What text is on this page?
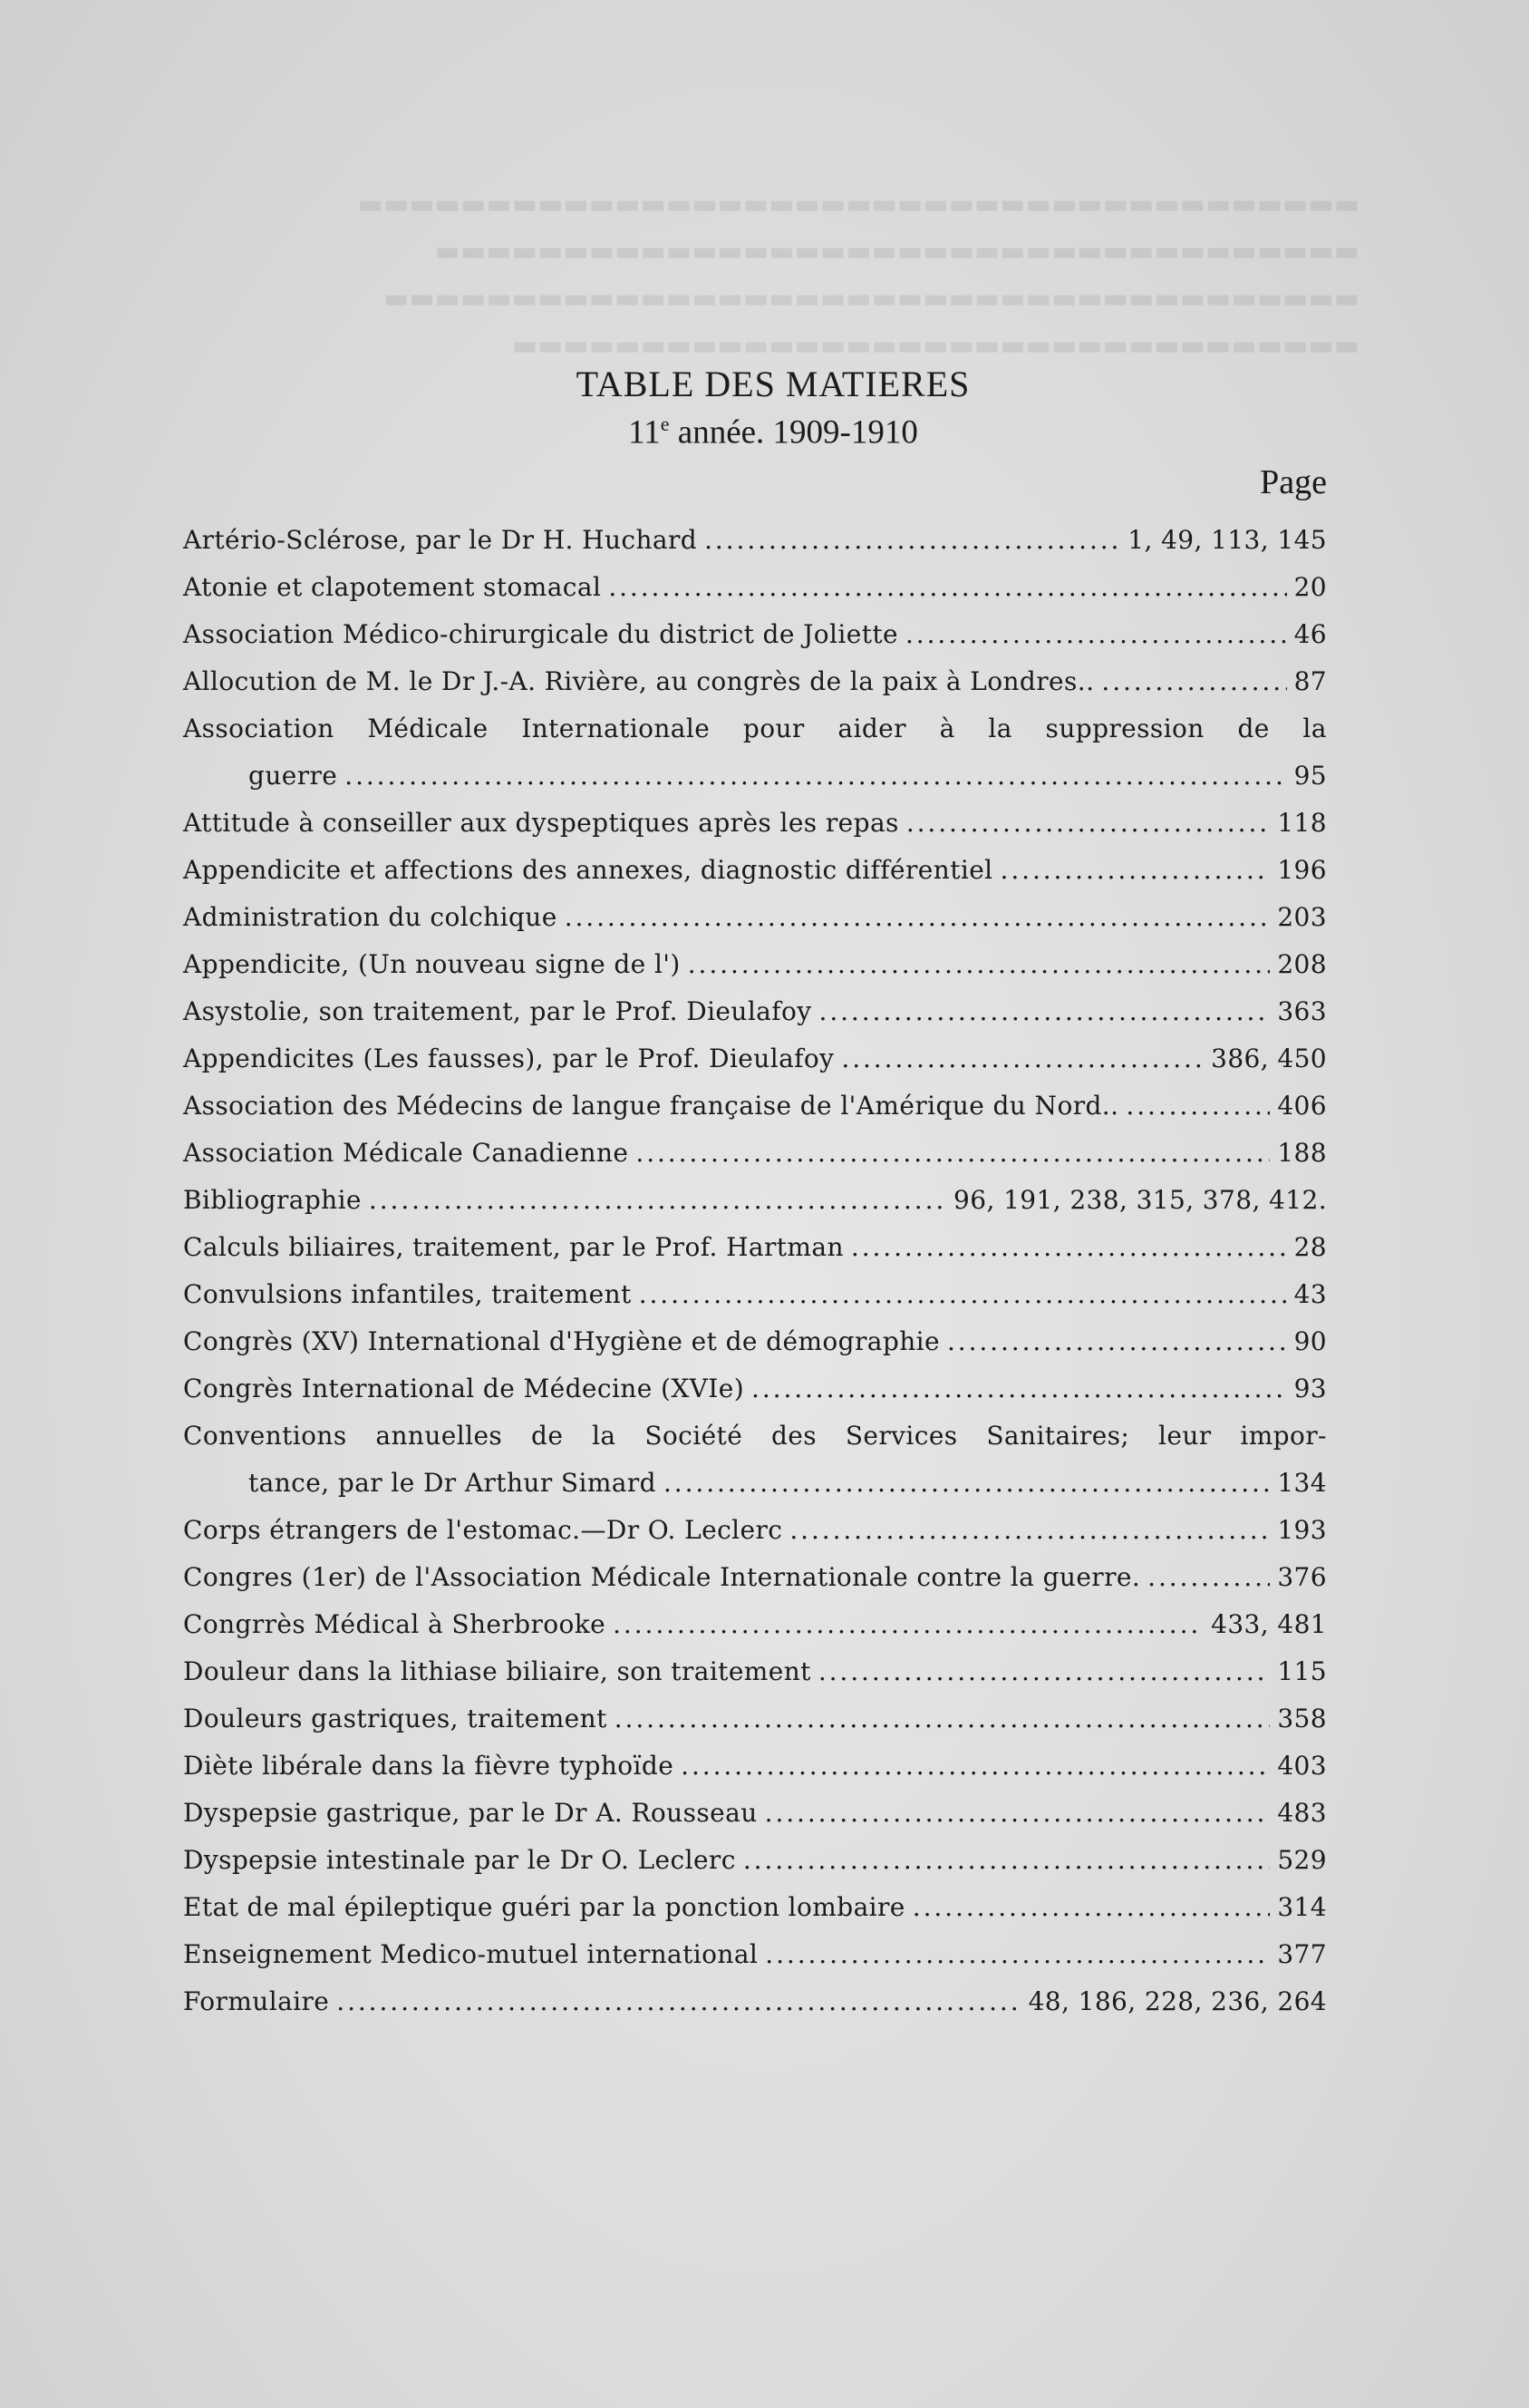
▬▬▬▬▬▬▬▬▬▬▬▬▬▬▬▬▬▬▬▬▬▬▬▬▬▬▬▬▬▬▬▬▬▬▬▬▬▬▬
▬▬▬▬▬▬▬▬▬▬▬▬▬▬▬▬▬▬▬▬▬▬▬▬▬▬▬▬▬▬▬▬▬▬▬▬
▬▬▬▬▬▬▬▬▬▬▬▬▬▬▬▬▬▬▬▬▬▬▬▬▬▬▬▬▬▬▬▬▬▬▬▬▬▬
▬▬▬▬▬▬▬▬▬▬▬▬▬▬▬▬▬▬▬▬▬▬▬▬▬▬▬▬▬▬▬▬▬
TABLE DES MATIERES
11e année. 1909-1910
Page
Artério-Sclérose, par le Dr H. Huchard . . .	1, 49, 113, 145
Atonie et clapotement stomacal . . .	20
Association Médico-chirurgicale du district de Joliette . . .	46
Allocution de M. le Dr J.-A. Rivière, au congrès de la paix à Londres.. . . .	87
Association Médicale Internationale pour aider à la suppression de la
guerre . . .	95
Attitude à conseiller aux dyspeptiques après les repas . . .	118
Appendicite et affections des annexes, diagnostic différentiel . . .	196
Administration du colchique . . .	203
Appendicite, (Un nouveau signe de l') . . .	208
Asystolie, son traitement, par le Prof. Dieulafoy . . .	363
Appendicites (Les fausses), par le Prof. Dieulafoy . . .	386, 450
Association des Médecins de langue française de l'Amérique du Nord.. . . .	406
Association Médicale Canadienne . . .	188
Bibliographie . . .	96, 191, 238, 315, 378, 412.
Calculs biliaires, traitement, par le Prof. Hartman . . .	28
Convulsions infantiles, traitement . . .	43
Congrès (XV) International d'Hygiène et de démographie . . .	90
Congrès International de Médecine (XVIe) . . .	93
Conventions annuelles de la Société des Services Sanitaires; leur impor-
tance, par le Dr Arthur Simard . . .	134
Corps étrangers de l'estomac.—Dr O. Leclerc . . .	193
Congres (1er) de l'Association Médicale Internationale contre la guerre. . . .	376
Congrrès Médical à Sherbrooke . . .	433, 481
Douleur dans la lithiase biliaire, son traitement . . .	115
Douleurs gastriques, traitement . . .	358
Diète libérale dans la fièvre typhoïde . . .	403
Dyspepsie gastrique, par le Dr A. Rousseau . . .	483
Dyspepsie intestinale par le Dr O. Leclerc . . .	529
Etat de mal épileptique guéri par la ponction lombaire . . .	314
Enseignement Medico-mutuel international . . .	377
Formulaire . . .	48, 186, 228, 236, 264
